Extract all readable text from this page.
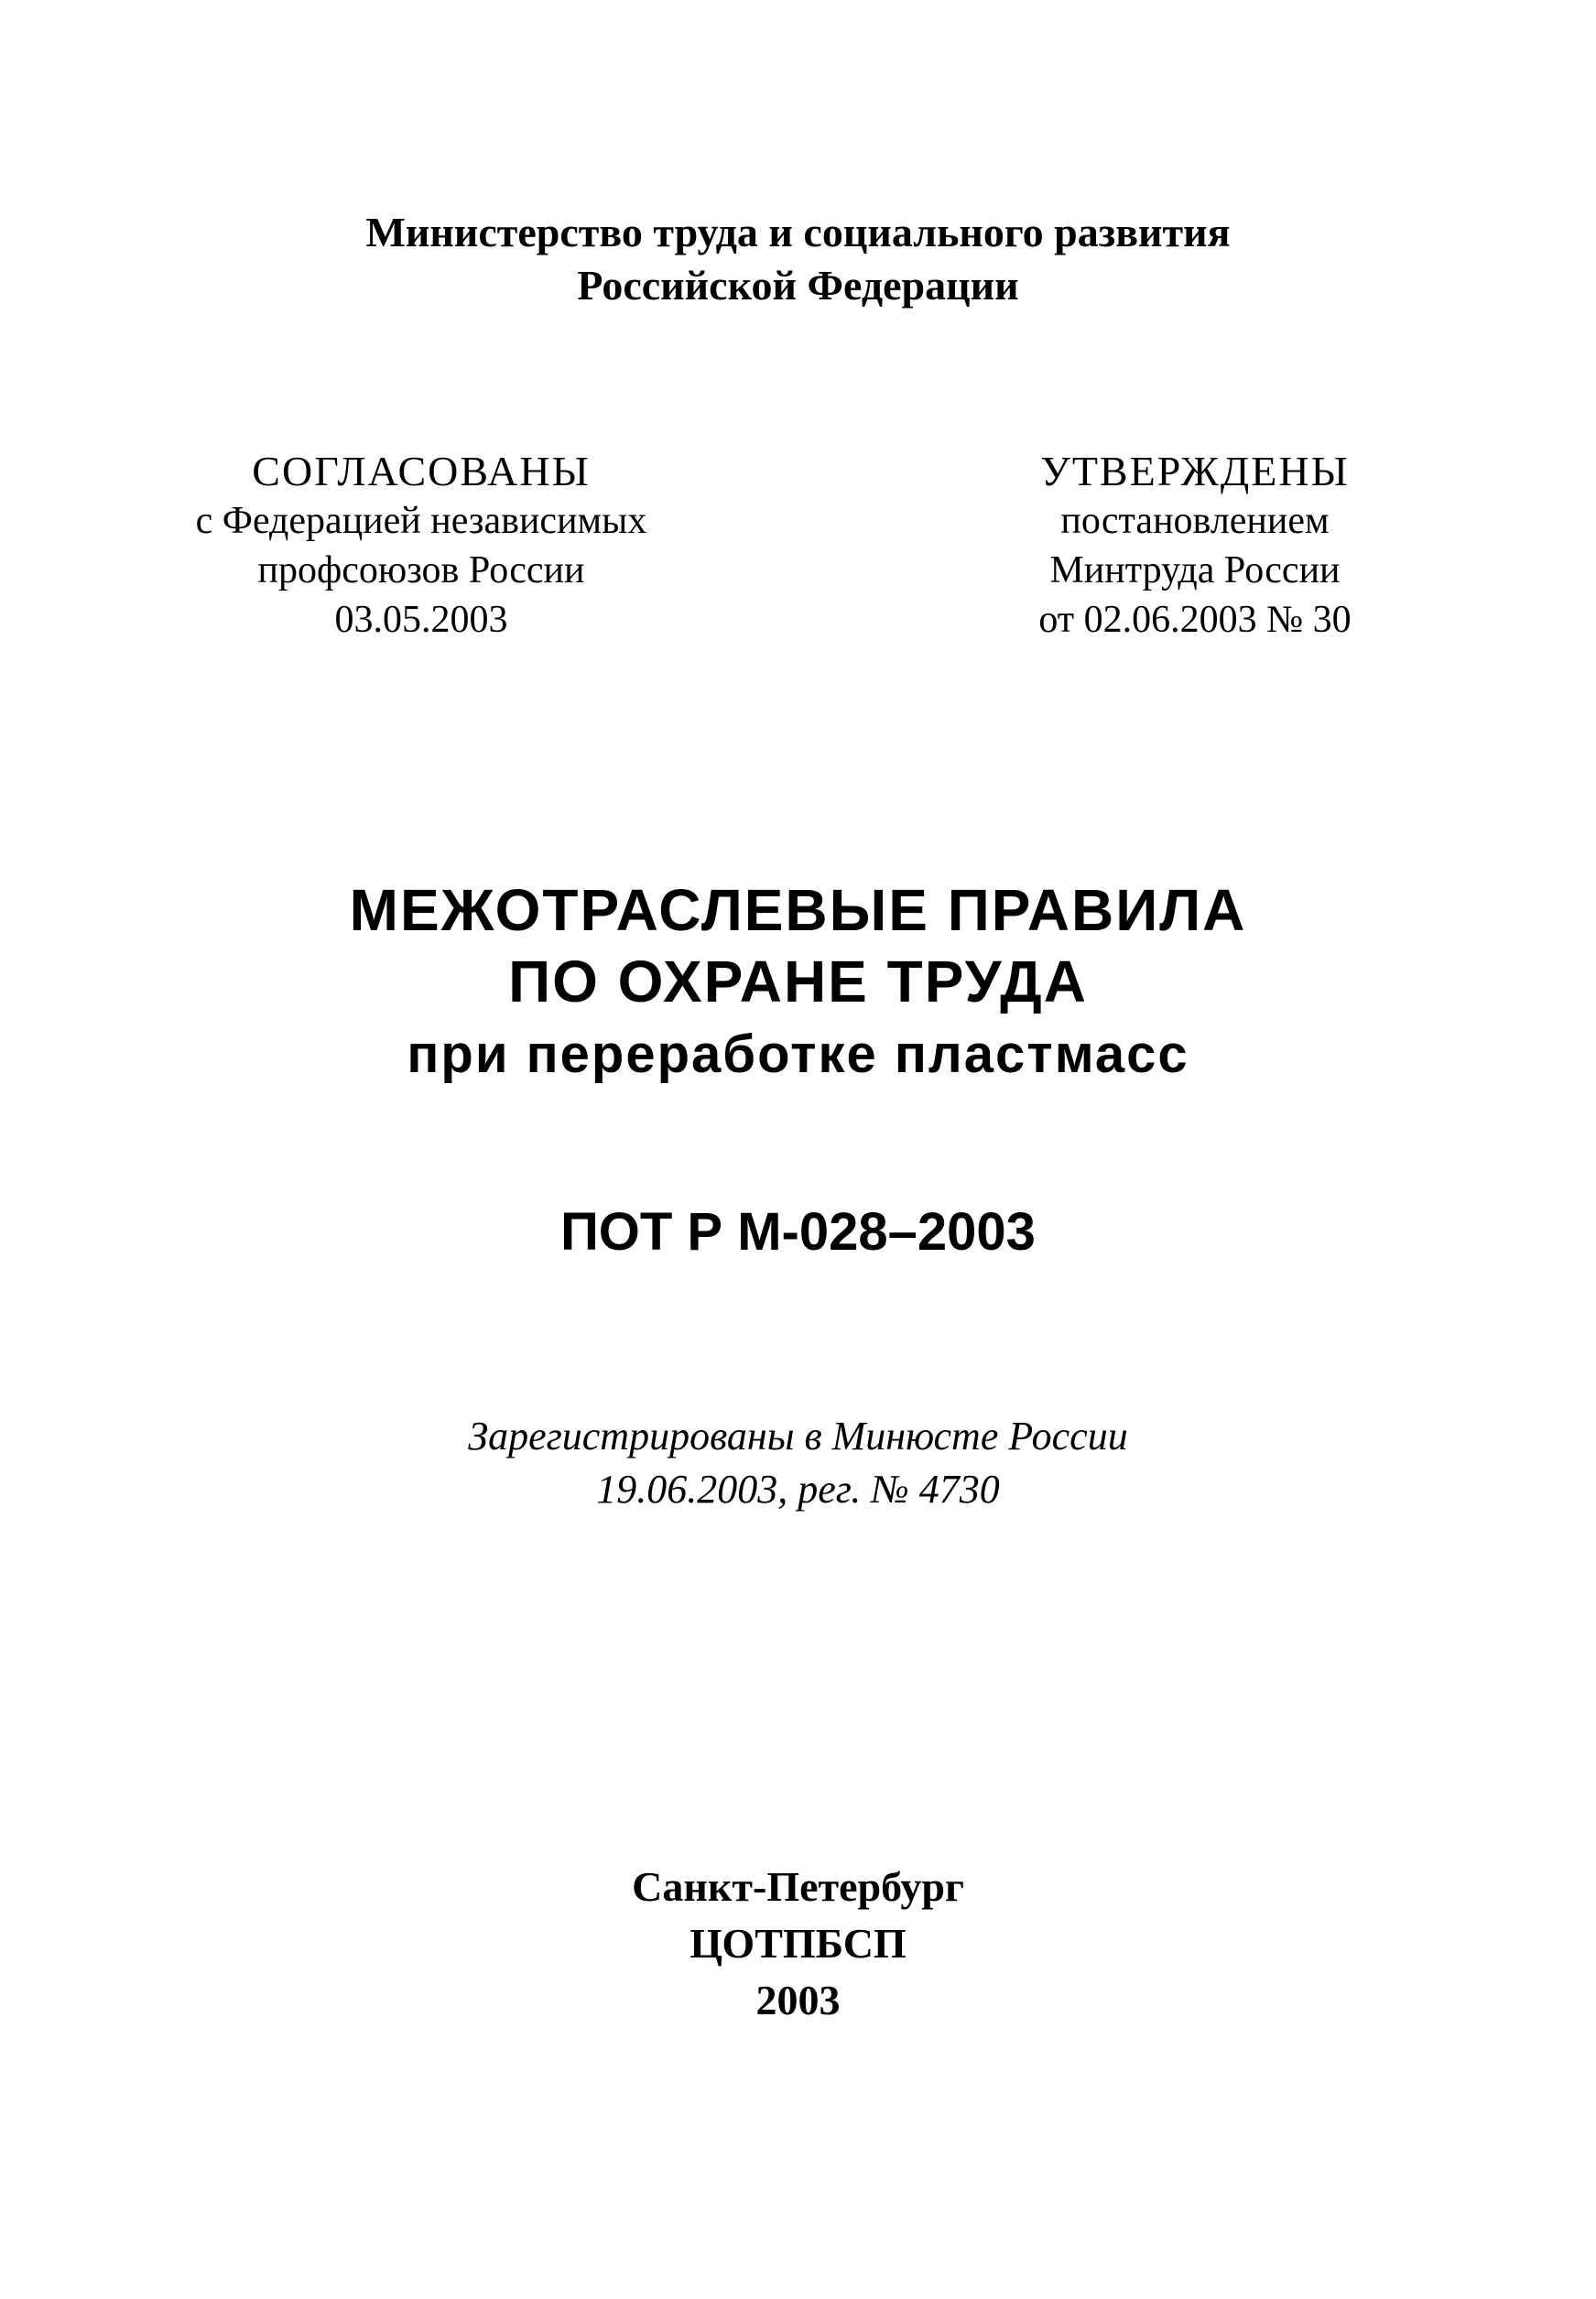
Министерство труда и социального развития
Российской Федерации
СОГЛАСОВАНЫ
с Федерацией независимых
профсоюзов России
03.05.2003
УТВЕРЖДЕНЫ
постановлением
Минтруда России
от 02.06.2003 № 30
МЕЖОТРАСЛЕВЫЕ ПРАВИЛА
ПО ОХРАНЕ ТРУДА
при переработке пластмасс
ПОТ Р М-028–2003
Зарегистрированы в Минюсте России
19.06.2003, рег. № 4730
Санкт-Петербург
ЦОТПБСП
2003
